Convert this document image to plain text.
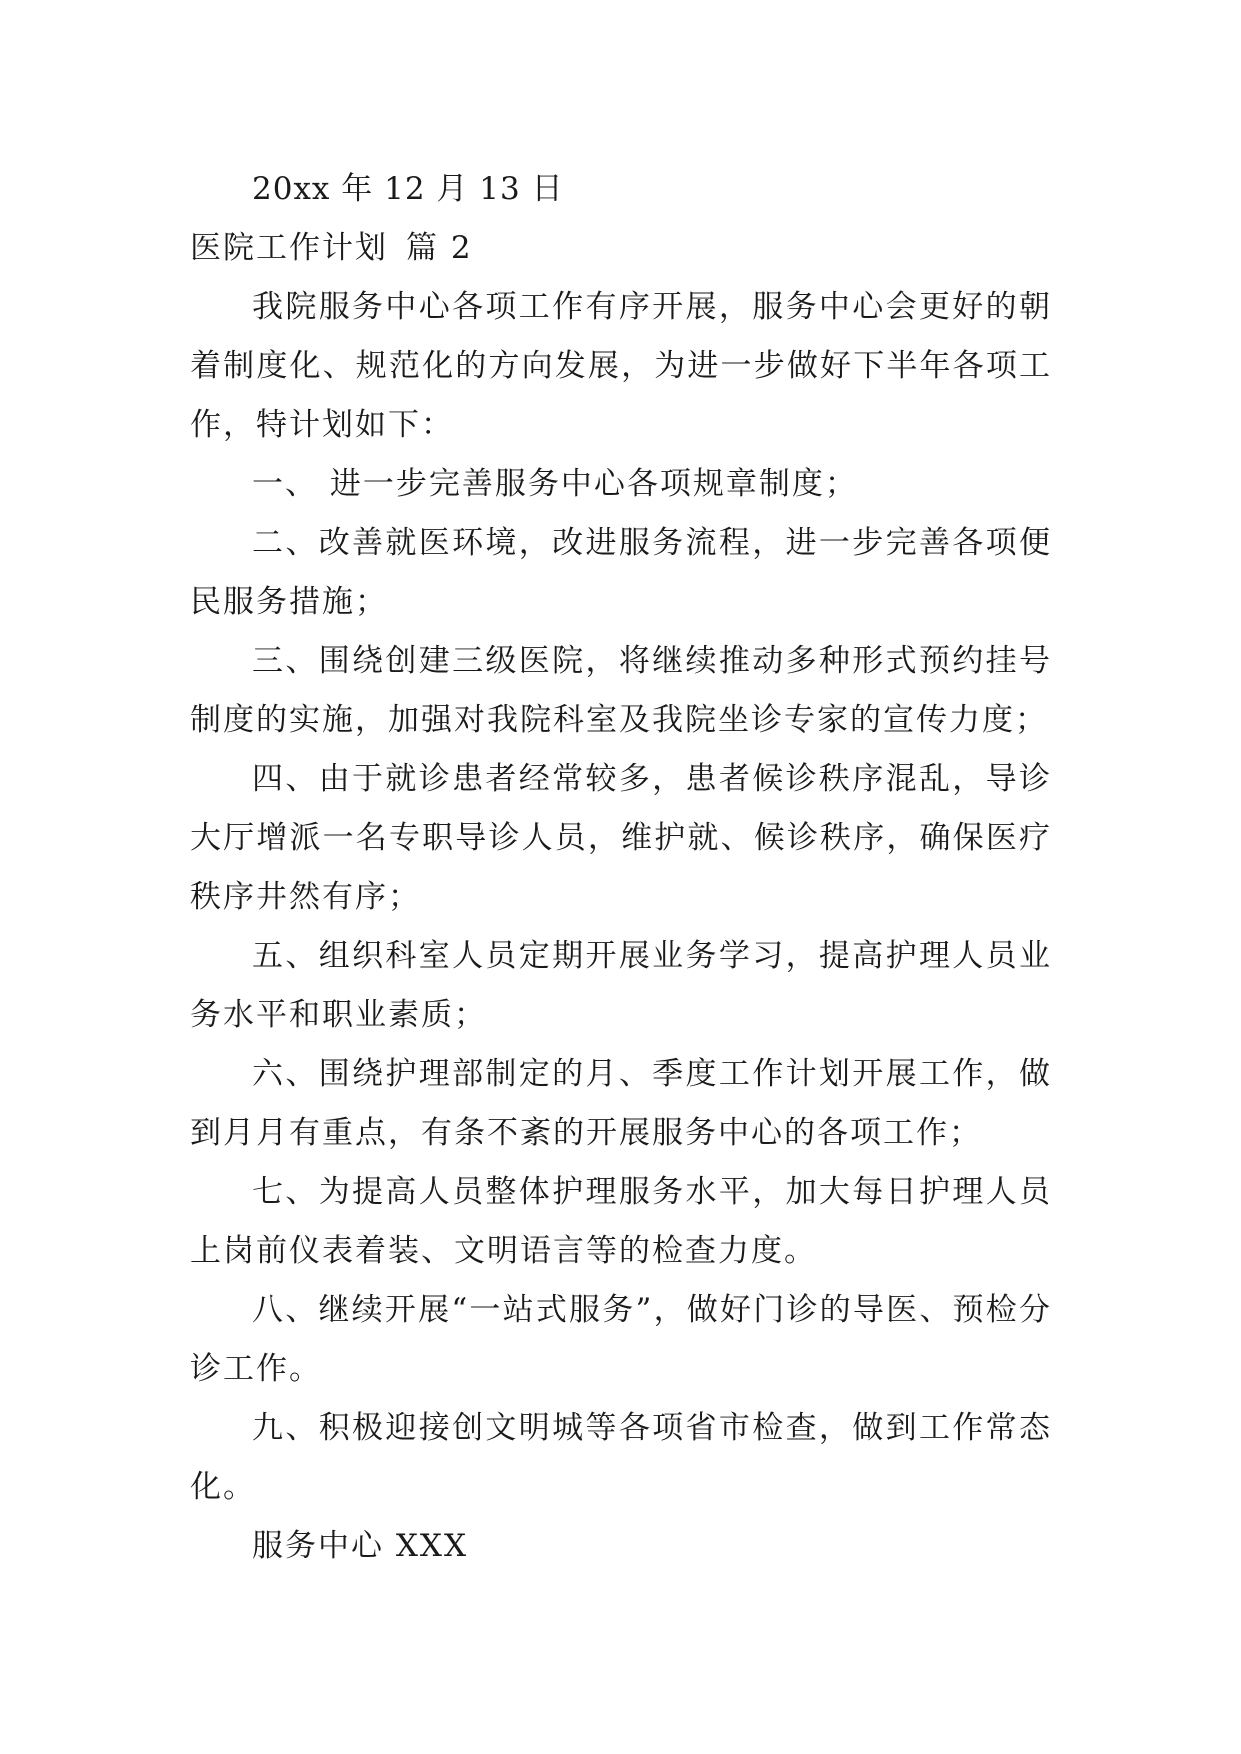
20xx 年 12 月 13 日

医院工作计划 篇 2

我院服务中心各项工作有序开展，服务中心会更好的朝着制度化、规范化的方向发展，为进一步做好下半年各项工作，特计划如下：

一、 进一步完善服务中心各项规章制度；

二、改善就医环境，改进服务流程，进一步完善各项便民服务措施；

三、围绕创建三级医院，将继续推动多种形式预约挂号制度的实施，加强对我院科室及我院坐诊专家的宣传力度；

四、由于就诊患者经常较多，患者候诊秩序混乱，导诊大厅增派一名专职导诊人员，维护就、候诊秩序，确保医疗秩序井然有序；

五、组织科室人员定期开展业务学习，提高护理人员业务水平和职业素质；

六、围绕护理部制定的月、季度工作计划开展工作，做到月月有重点，有条不紊的开展服务中心的各项工作；

七、为提高人员整体护理服务水平，加大每日护理人员上岗前仪表着装、文明语言等的检查力度。

八、继续开展“一站式服务”，做好门诊的导医、预检分诊工作。

九、积极迎接创文明城等各项省市检查，做到工作常态化。

服务中心 XXX
